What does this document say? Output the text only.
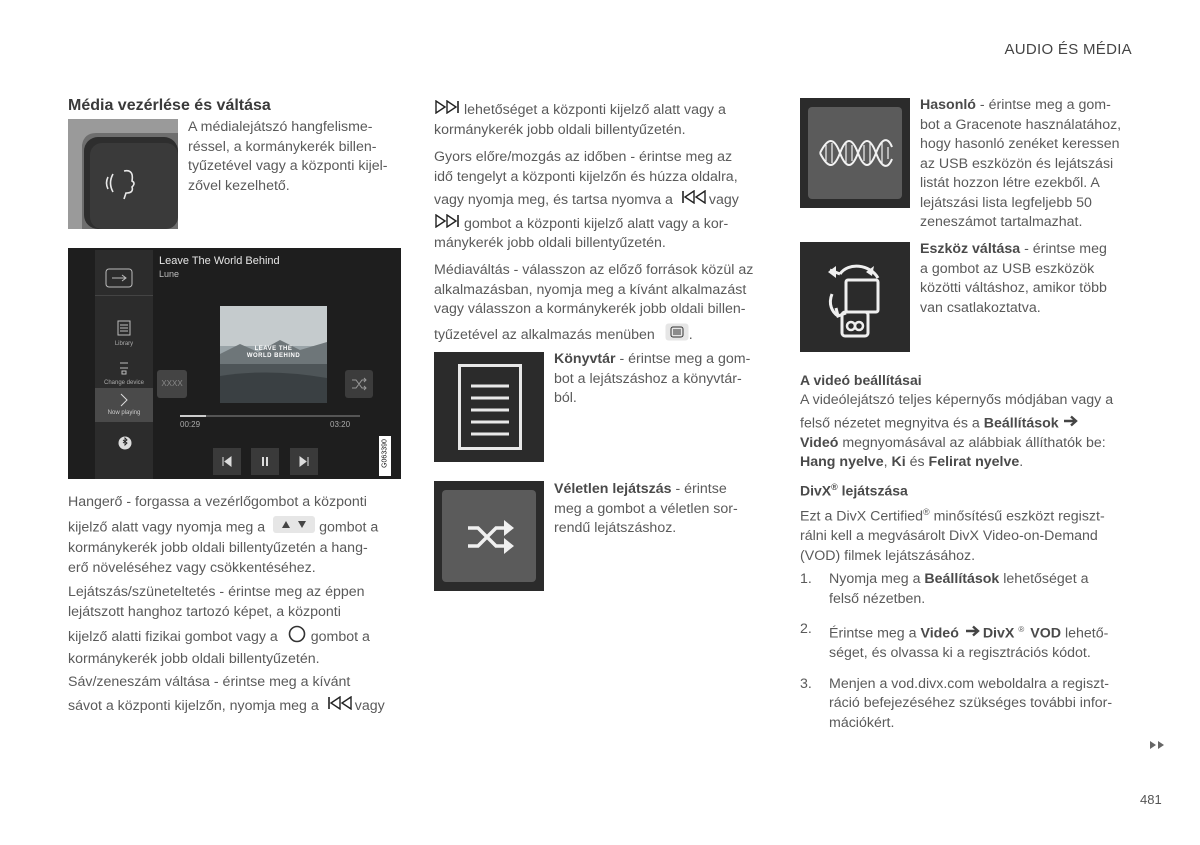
AUDIO ÉS MÉDIA
Média vezérlése és váltása
A médialejátszó hangfelisme-
réssel, a kormánykerék billen-
tyűzetével vagy a központi kijel-
zővel kezelhető.
Library
Change device
Now playing
Leave The World Behind
Lune
XXXX
LEAVE THE
WORLD BEHIND
00:29	03:20
G063390
Hangerő - forgassa a vezérlőgombot a központi
kijelző alatt vagy nyomja meg a	gombot a
kormánykerék jobb oldali billentyűzetén a hang-
erő növeléséhez vagy csökkentéséhez.
Lejátszás/szüneteltetés - érintse meg az éppen
lejátszott hanghoz tartozó képet, a központi
kijelző alatti fizikai gombot vagy a gombot a
kormánykerék jobb oldali billentyűzetén.
Sáv/zeneszám váltása - érintse meg a kívánt
sávot a központi kijelzőn, nyomja meg a	vagy
lehetőséget a központi kijelző alatt vagy a
kormánykerék jobb oldali billentyűzetén.
Gyors előre/mozgás az időben - érintse meg az
idő tengelyt a központi kijelzőn és húzza oldalra,
vagy nyomja meg, és tartsa nyomva a	vagy
gombot a központi kijelző alatt vagy a kor-
mánykerék jobb oldali billentyűzetén.
Médiaváltás - válasszon az előző források közül az
alkalmazásban, nyomja meg a kívánt alkalmazást
vagy válasszon a kormánykerék jobb oldali billen-
tyűzetével az alkalmazás menüben .
Könyvtár - érintse meg a gom-
bot a lejátszáshoz a könyvtár-
ból.
Véletlen lejátszás - érintse
meg a gombot a véletlen sor-
rendű lejátszáshoz.
Hasonló - érintse meg a gom-
bot a Gracenote használatához,
hogy hasonló zenéket keressen
az USB eszközön és lejátszási
listát hozzon létre ezekből. A
lejátszási lista legfeljebb 50
zeneszámot tartalmazhat.
Eszköz váltása - érintse meg
a gombot az USB eszközök
közötti váltáshoz, amikor több
van csatlakoztatva.
A videó beállításai
A videólejátszó teljes képernyős módjában vagy a
felső nézetet megnyitva és a Beállítások
Videó megnyomásával az alábbiak állíthatók be:
Hang nyelve, Ki és Felirat nyelve.
DivX® lejátszása
Ezt a DivX Certified® minősítésű eszközt regiszt-
rálni kell a megvásárolt DivX Video-on-Demand
(VOD) filmek lejátszásához.
1. Nyomja meg a Beállítások lehetőséget a
felső nézetben.
2. Érintse meg a Videó DivX ® VOD lehető-
séget, és olvassa ki a regisztrációs kódot.
3. Menjen a vod.divx.com weboldalra a regiszt-
ráció befejezéséhez szükséges további infor-
mációkért.
481
